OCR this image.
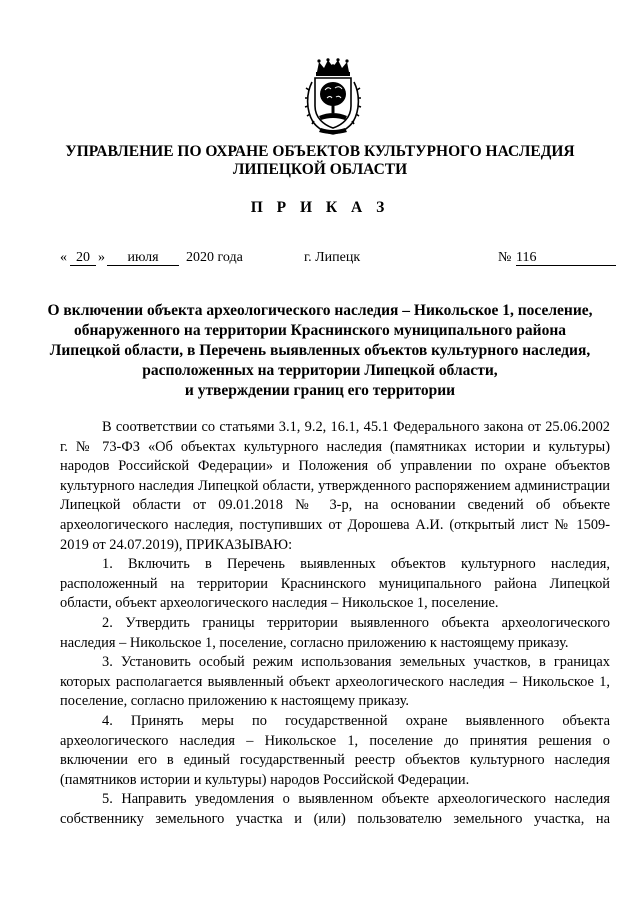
УПРАВЛЕНИЕ ПО ОХРАНЕ ОБЪЕКТОВ КУЛЬТУРНОГО НАСЛЕДИЯ
ЛИПЕЦКОЙ ОБЛАСТИ
П Р И К А З
« 20 »	июля	2020 года	г. Липецк	№ 116
О включении объекта археологического наследия – Никольское 1, поселение,
обнаруженного на территории Краснинского муниципального района
Липецкой области, в Перечень выявленных объектов культурного наследия,
расположенных на территории Липецкой области,
и утверждении границ его территории

В соответствии со статьями 3.1, 9.2, 16.1, 45.1 Федерального закона от 25.06.2002 г. № 73-ФЗ «Об объектах культурного наследия (памятниках истории и культуры) народов Российской Федерации» и Положения об управлении по охране объектов культурного наследия Липецкой области, утвержденного распоряжением администрации Липецкой области от 09.01.2018 № 3-р, на основании сведений об объекте археологического наследия, поступивших от Дорошева А.И. (открытый лист № 1509-2019 от 24.07.2019), ПРИКАЗЫВАЮ:

1. Включить в Перечень выявленных объектов культурного наследия, расположенный на территории Краснинского муниципального района Липецкой области, объект археологического наследия – Никольское 1, поселение.

2. Утвердить границы территории выявленного объекта археологического наследия – Никольское 1, поселение, согласно приложению к настоящему приказу.

3. Установить особый режим использования земельных участков, в границах которых располагается выявленный объект археологического наследия – Никольское 1, поселение, согласно приложению к настоящему приказу.

4. Принять меры по государственной охране выявленного объекта археологического наследия – Никольское 1, поселение до принятия решения о включении его в единый государственный реестр объектов культурного наследия (памятников истории и культуры) народов Российской Федерации.

5. Направить уведомления о выявленном объекте археологического наследия собственнику земельного участка и (или) пользователю земельного участка, на
